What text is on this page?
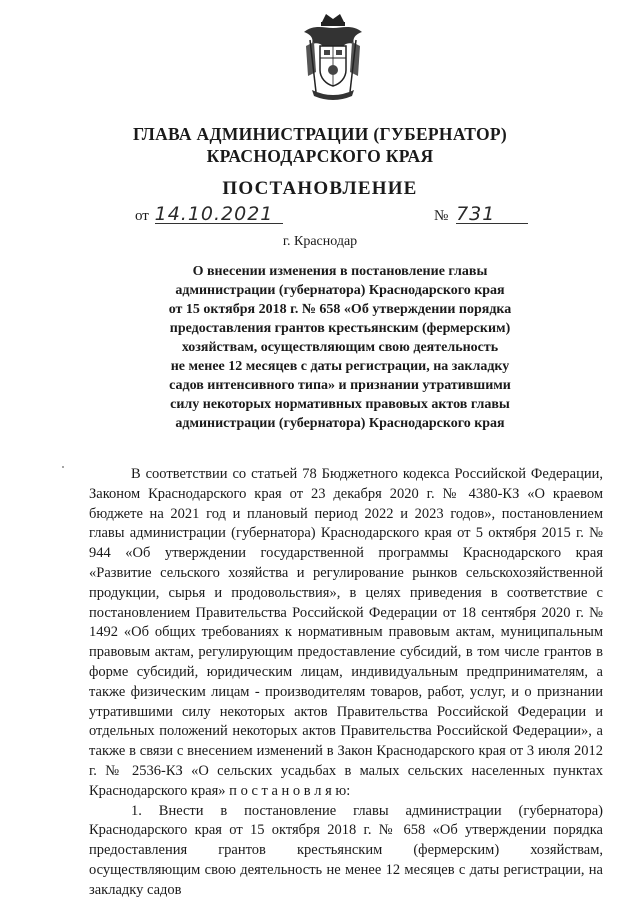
ГЛАВА АДМИНИСТРАЦИИ (ГУБЕРНАТОР)
КРАСНОДАРСКОГО КРАЯ
ПОСТАНОВЛЕНИЕ
от 14.10.2021	№ 731
г. Краснодар
О внесении изменения в постановление главы
администрации (губернатора) Краснодарского края
от 15 октября 2018 г. № 658 «Об утверждении порядка
предоставления грантов крестьянским (фермерским)
хозяйствам, осуществляющим свою деятельность
не менее 12 месяцев с даты регистрации, на закладку
садов интенсивного типа» и признании утратившими
силу некоторых нормативных правовых актов главы
администрации (губернатора) Краснодарского края

В соответствии со статьей 78 Бюджетного кодекса Российской Федерации, Законом Краснодарского края от 23 декабря 2020 г. № 4380-КЗ «О краевом бюджете на 2021 год и плановый период 2022 и 2023 годов», постановлением главы администрации (губернатора) Краснодарского края от 5 октября 2015 г. № 944 «Об утверждении государственной программы Краснодарского края «Развитие сельского хозяйства и регулирование рынков сельскохозяйственной продукции, сырья и продовольствия», в целях приведения в соответствие с постановлением Правительства Российской Федерации от 18 сентября 2020 г. № 1492 «Об общих требованиях к нормативным правовым актам, муниципальным правовым актам, регулирующим предоставление субсидий, в том числе грантов в форме субсидий, юридическим лицам, индивидуальным предпринимателям, а также физическим лицам - производителям товаров, работ, услуг, и о признании утратившими силу некоторых актов Правительства Российской Федерации и отдельных положений некоторых актов Правительства Российской Федерации», а также в связи с внесением изменений в Закон Краснодарского края от 3 июля 2012 г. № 2536-КЗ «О сельских усадьбах в малых сельских населенных пунктах Краснодарского края» п о с т а н о в л я ю:

1. Внести в постановление главы администрации (губернатора) Краснодарского края от 15 октября 2018 г. № 658 «Об утверждении порядка предоставления грантов крестьянским (фермерским) хозяйствам, осуществляющим свою деятельность не менее 12 месяцев с даты регистрации, на закладку садов
